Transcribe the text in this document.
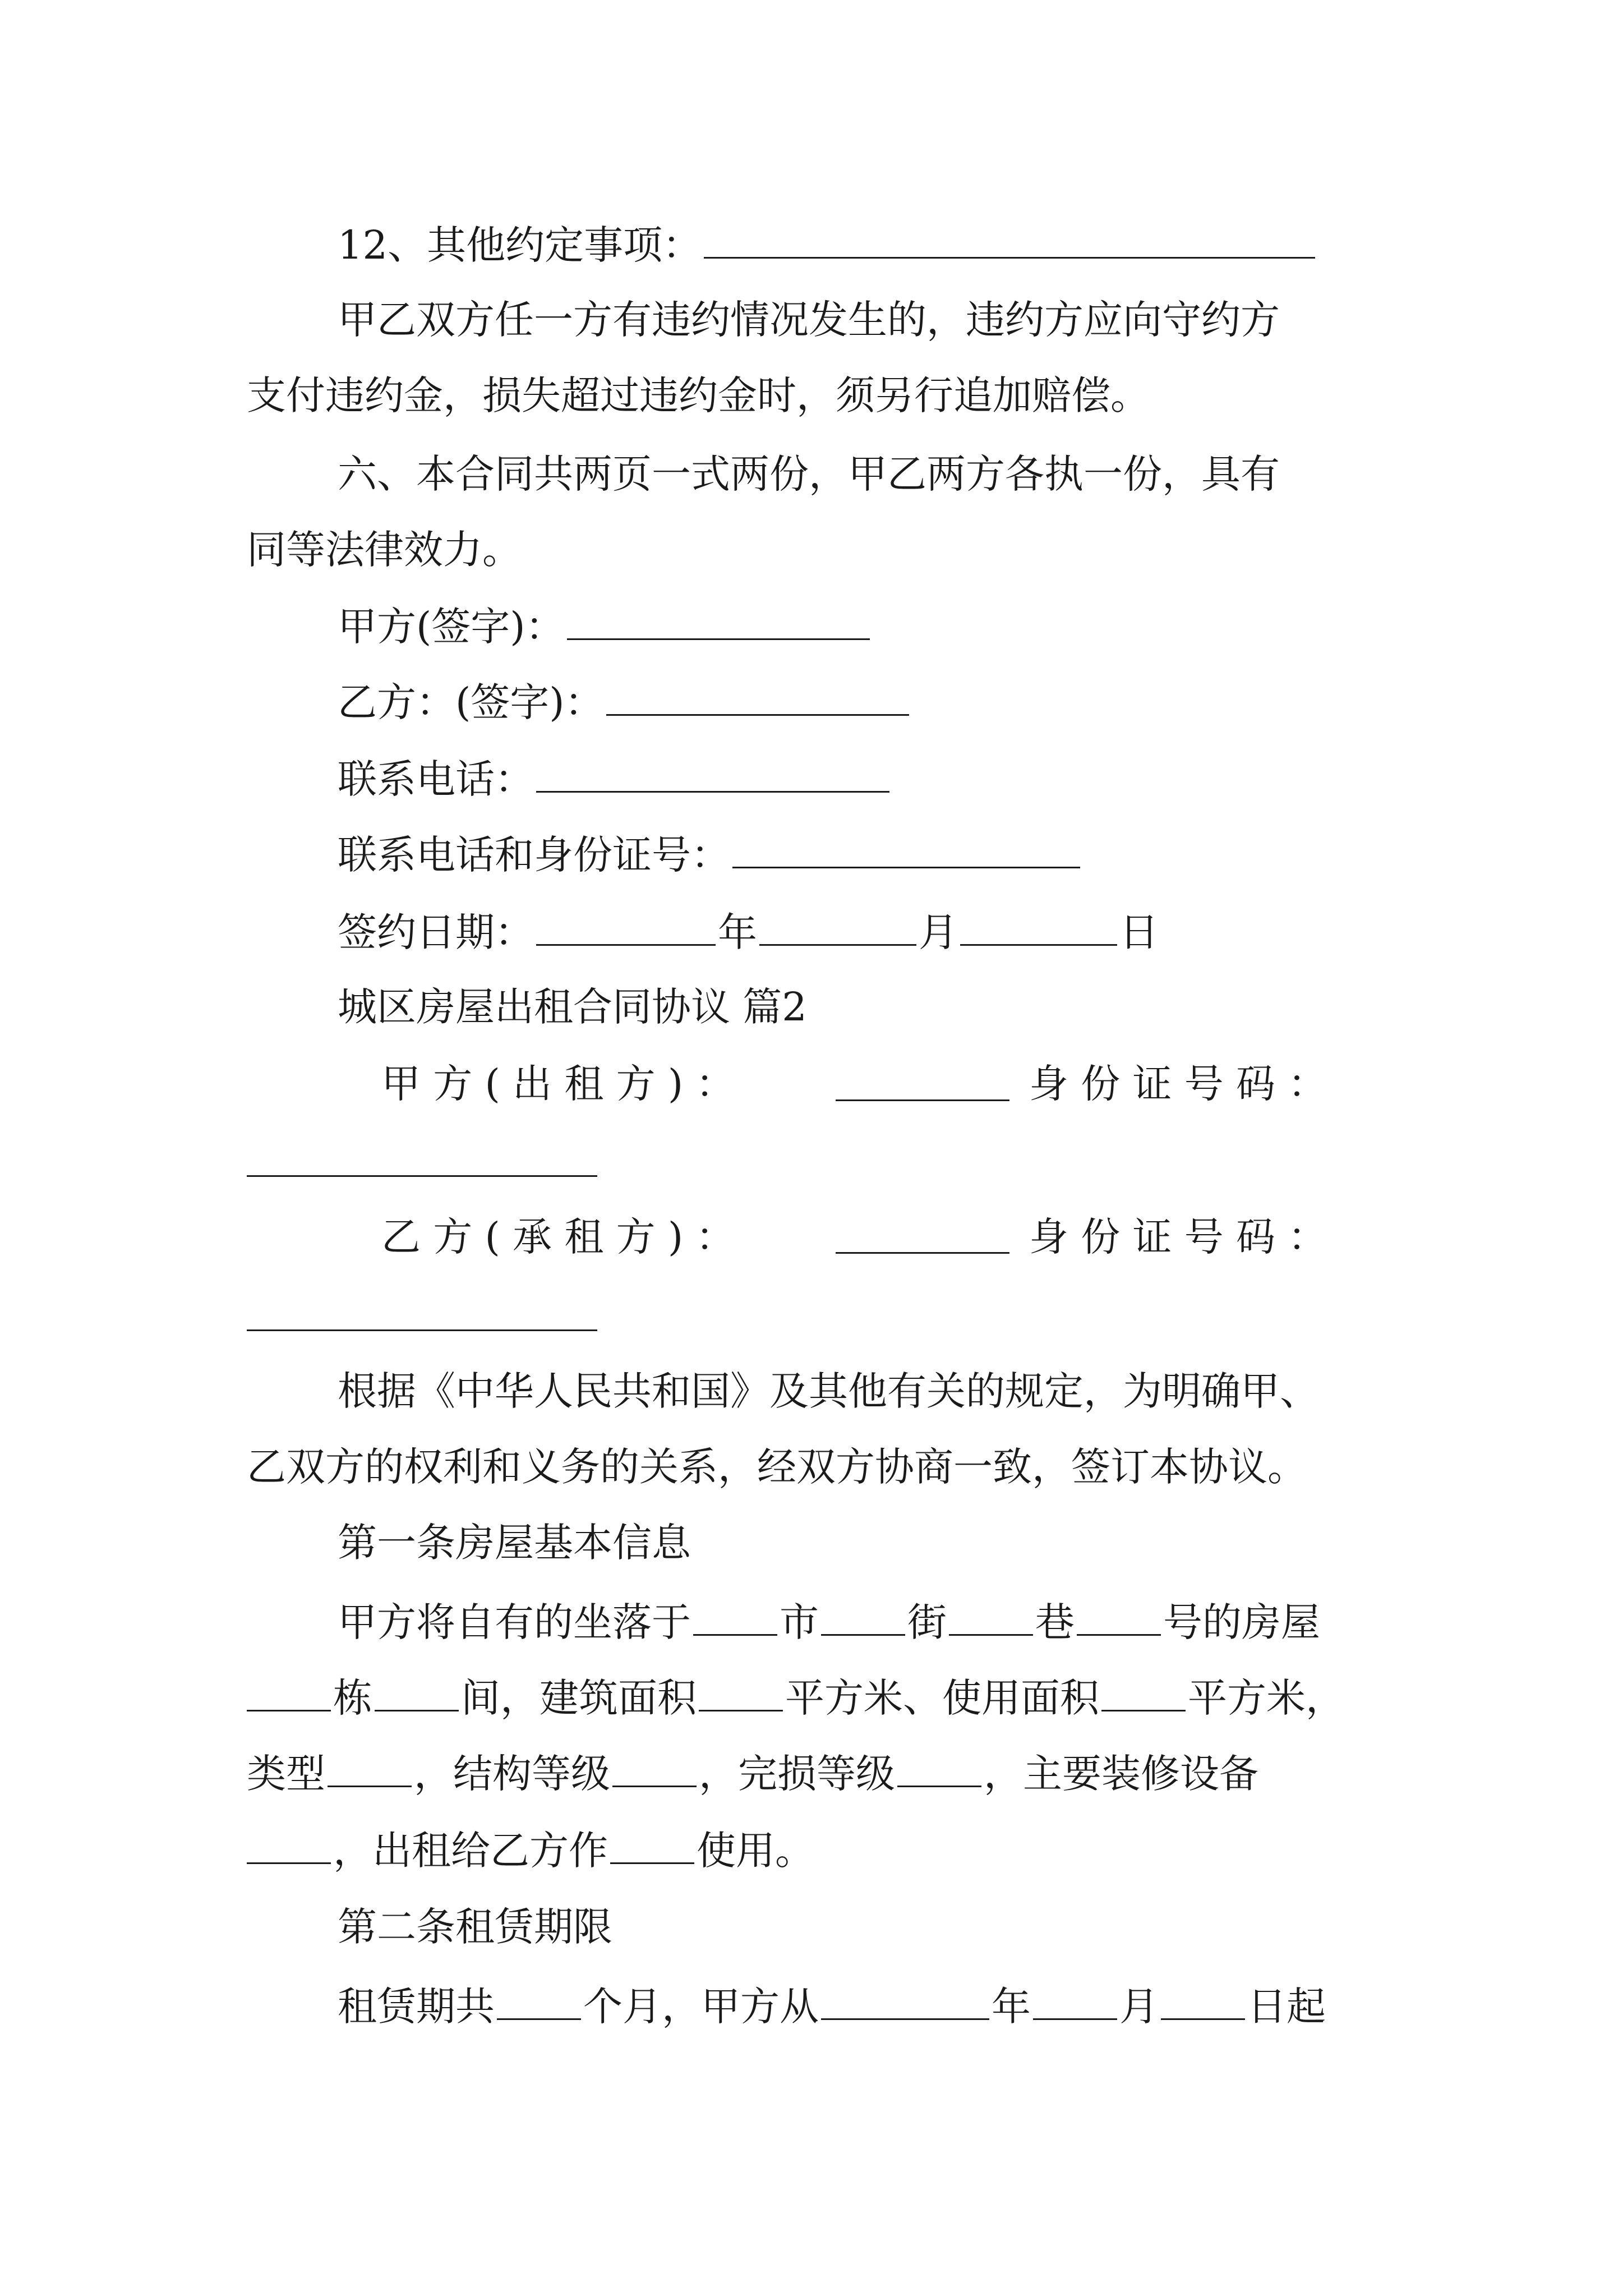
12、其他约定事项：
甲乙双方任一方有违约情况发生的，违约方应向守约方
支付违约金，损失超过违约金时，须另行追加赔偿。
六、本合同共两页一式两份，甲乙两方各执一份，具有
同等法律效力。
甲方(签字)：
乙方：(签字)：
联系电话：
联系电话和身份证号：
签约日期：	年	月	日
城区房屋出租合同协议 篇2
甲 方 ( 出 租 方 ) ：	身 份 证 号 码 ：
乙 方 ( 承 租 方 ) ：	身 份 证 号 码 ：
根据《中华人民共和国》及其他有关的规定，为明确甲、
乙双方的权利和义务的关系，经双方协商一致，签订本协议。
第一条房屋基本信息
甲方将自有的坐落于 市 街 巷 号的房屋
栋 间，建筑面积 平方米、使用面积 平方米，
类型 ，结构等级 ，完损等级 ，主要装修设备
，出租给乙方作 使用。
第二条租赁期限
租赁期共 个月，甲方从	年 月 日起
